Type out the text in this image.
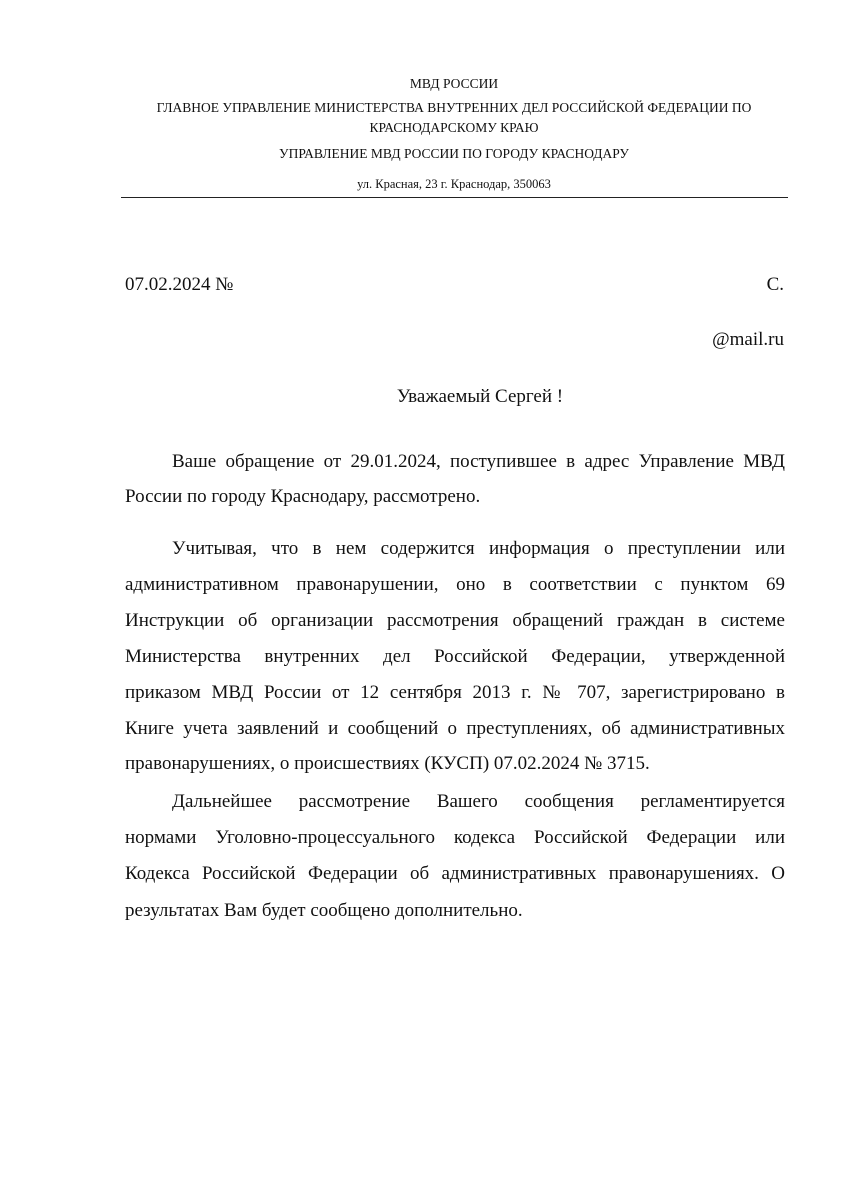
МВД РОССИИ
ГЛАВНОЕ УПРАВЛЕНИЕ МИНИСТЕРСТВА ВНУТРЕННИХ ДЕЛ РОССИЙСКОЙ ФЕДЕРАЦИИ ПО
КРАСНОДАРСКОМУ КРАЮ
УПРАВЛЕНИЕ МВД РОССИИ ПО ГОРОДУ КРАСНОДАРУ
ул. Красная, 23 г. Краснодар, 350063
07.02.2024 №	С.
@mail.ru
Уважаемый Сергей !
Ваше обращение от 29.01.2024, поступившее в адрес Управление МВД
России по городу Краснодару, рассмотрено.
Учитывая, что в нем содержится информация о преступлении или
административном правонарушении, оно в соответствии с пунктом 69
Инструкции об организации рассмотрения обращений граждан в системе
Министерства внутренних дел Российской Федерации, утвержденной
приказом МВД России от 12 сентября 2013 г. № 707, зарегистрировано в
Книге учета заявлений и сообщений о преступлениях, об административных
правонарушениях, о происшествиях (КУСП) 07.02.2024 № 3715.
Дальнейшее рассмотрение Вашего сообщения регламентируется
нормами Уголовно-процессуального кодекса Российской Федерации или
Кодекса Российской Федерации об административных правонарушениях. О
результатах Вам будет сообщено дополнительно.
